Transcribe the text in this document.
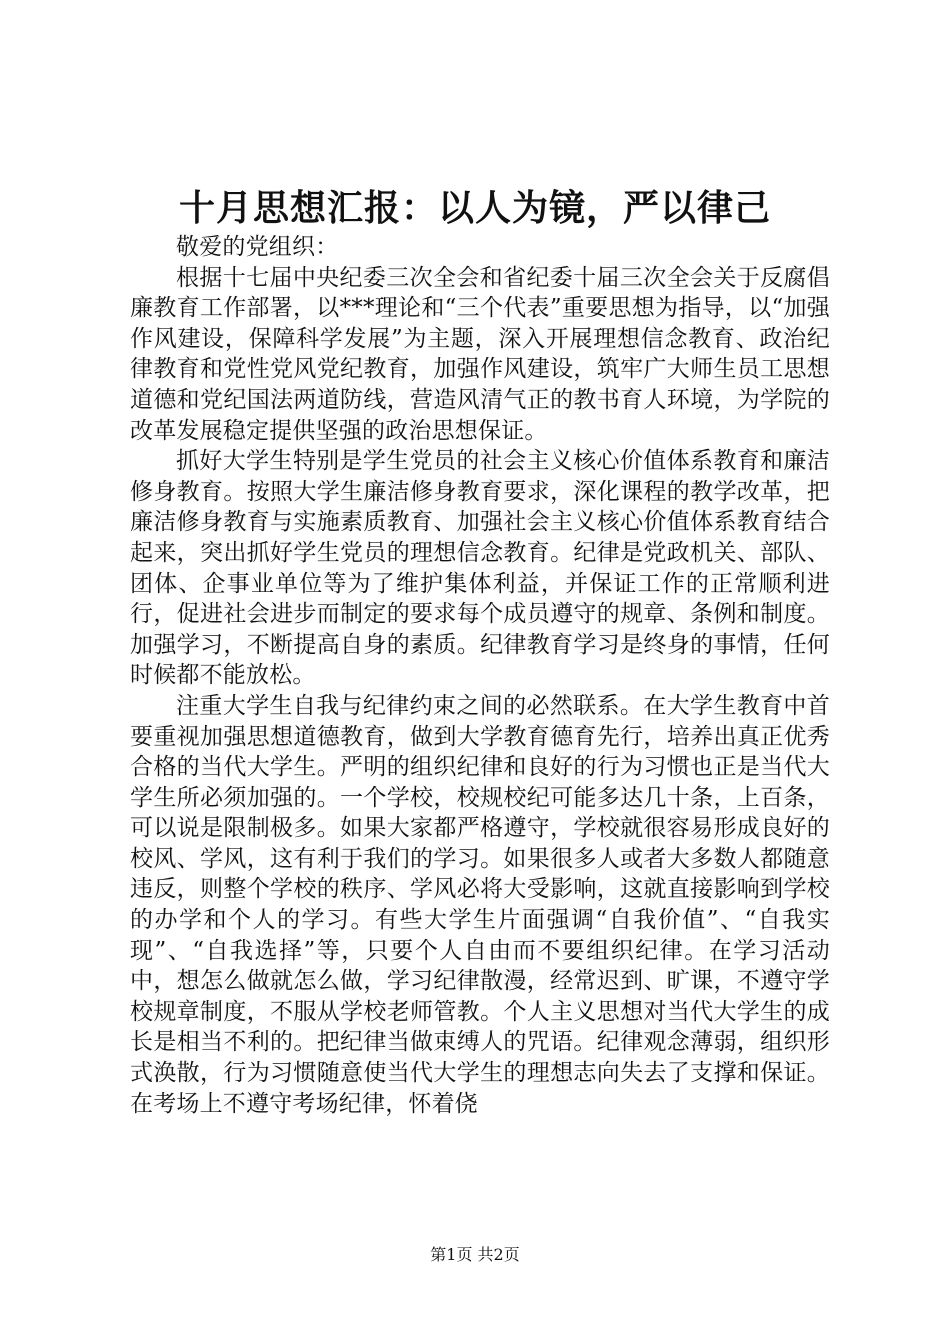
十月思想汇报：以人为镜，严以律己

敬爱的党组织：

根据十七届中央纪委三次全会和省纪委十届三次全会关于反腐倡廉教育工作部署，以***理论和“三个代表”重要思想为指导，以“加强作风建设，保障科学发展”为主题，深入开展理想信念教育、政治纪律教育和党性党风党纪教育，加强作风建设，筑牢广大师生员工思想道德和党纪国法两道防线，营造风清气正的教书育人环境，为学院的改革发展稳定提供坚强的政治思想保证。

抓好大学生特别是学生党员的社会主义核心价值体系教育和廉洁修身教育。按照大学生廉洁修身教育要求，深化课程的教学改革，把廉洁修身教育与实施素质教育、加强社会主义核心价值体系教育结合起来，突出抓好学生党员的理想信念教育。纪律是党政机关、部队、团体、企事业单位等为了维护集体利益，并保证工作的正常顺利进行，促进社会进步而制定的要求每个成员遵守的规章、条例和制度。加强学习，不断提高自身的素质。纪律教育学习是终身的事情，任何时候都不能放松。

注重大学生自我与纪律约束之间的必然联系。在大学生教育中首要重视加强思想道德教育，做到大学教育德育先行，培养出真正优秀合格的当代大学生。严明的组织纪律和良好的行为习惯也正是当代大学生所必须加强的。一个学校，校规校纪可能多达几十条，上百条，可以说是限制极多。如果大家都严格遵守，学校就很容易形成良好的校风、学风，这有利于我们的学习。如果很多人或者大多数人都随意违反，则整个学校的秩序、学风必将大受影响，这就直接影响到学校的办学和个人的学习。有些大学生片面强调“自我价值”、“自我实现”、“自我选择”等，只要个人自由而不要组织纪律。在学习活动中，想怎么做就怎么做，学习纪律散漫，经常迟到、旷课，不遵守学校规章制度，不服从学校老师管教。个人主义思想对当代大学生的成长是相当不利的。把纪律当做束缚人的咒语。纪律观念薄弱，组织形式涣散，行为习惯随意使当代大学生的理想志向失去了支撑和保证。在考场上不遵守考场纪律，怀着侥

第1页 共2页
